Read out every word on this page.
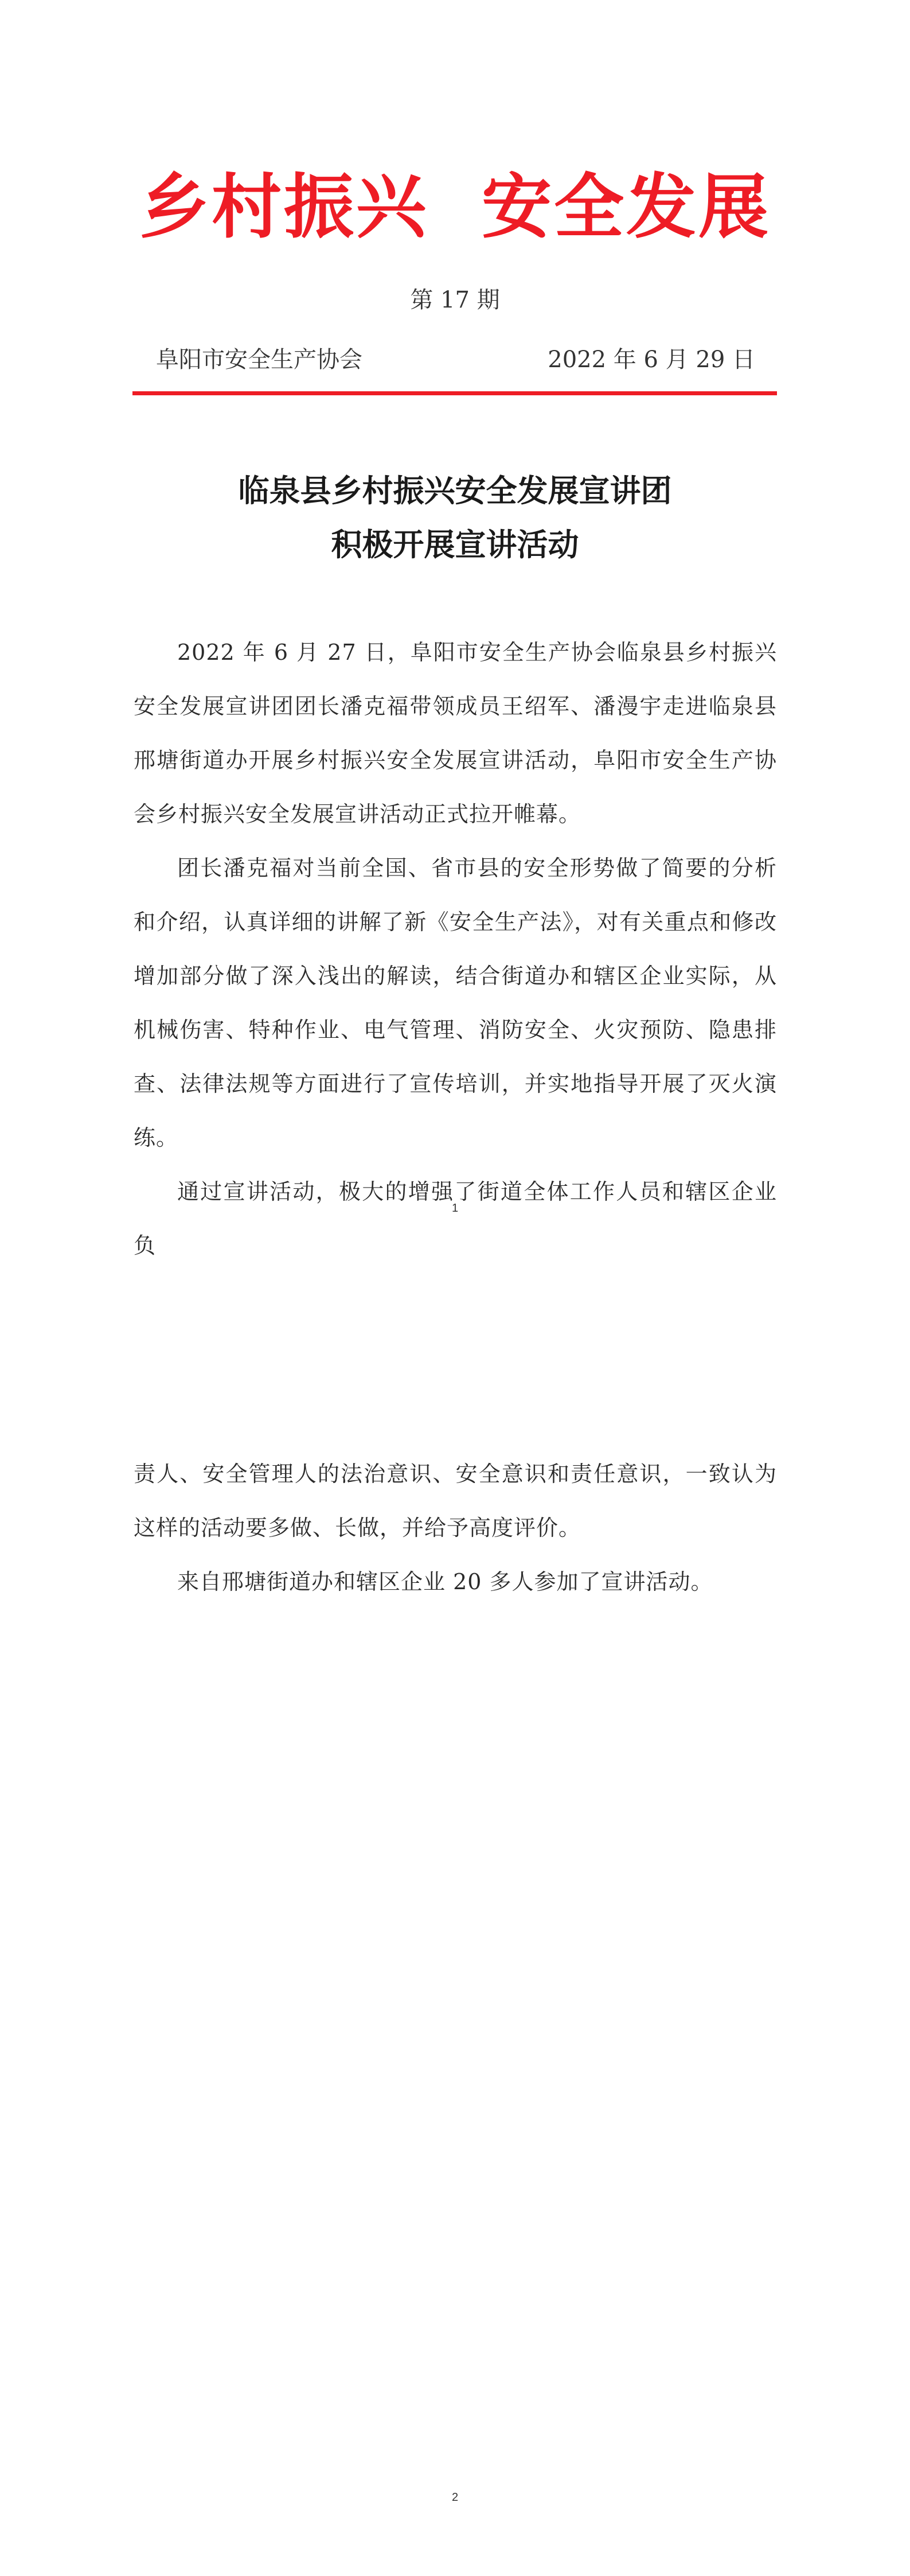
乡村振兴  安全发展
第 17 期
阜阳市安全生产协会	2022 年 6 月 29 日
临泉县乡村振兴安全发展宣讲团
积极开展宣讲活动

2022 年 6 月 27 日，阜阳市安全生产协会临泉县乡村振兴安全发展宣讲团团长潘克福带领成员王绍军、潘漫宇走进临泉县邢塘街道办开展乡村振兴安全发展宣讲活动，阜阳市安全生产协会乡村振兴安全发展宣讲活动正式拉开帷幕。

团长潘克福对当前全国、省市县的安全形势做了简要的分析和介绍，认真详细的讲解了新《安全生产法》，对有关重点和修改增加部分做了深入浅出的解读，结合街道办和辖区企业实际，从机械伤害、特种作业、电气管理、消防安全、火灾预防、隐患排查、法律法规等方面进行了宣传培训，并实地指导开展了灭火演练。

通过宣讲活动，极大的增强了街道全体工作人员和辖区企业负

1

责人、安全管理人的法治意识、安全意识和责任意识，一致认为这样的活动要多做、长做，并给予高度评价。

来自邢塘街道办和辖区企业 20 多人参加了宣讲活动。

2
